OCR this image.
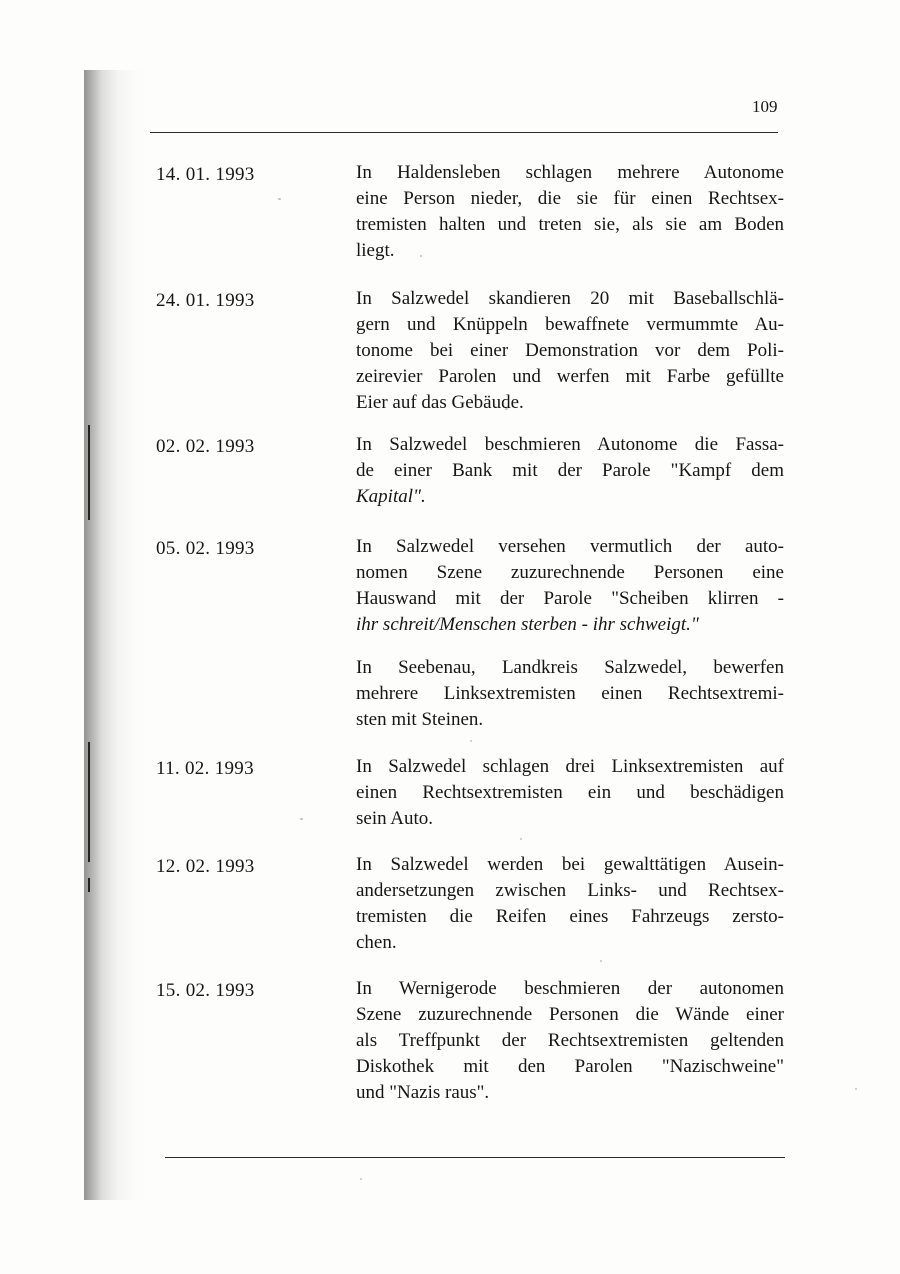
109
14. 01. 1993	In Haldensleben schlagen mehrere Autonome
eine Person nieder, die sie für einen Rechtsex-
tremisten halten und treten sie, als sie am Boden
liegt.
24. 01. 1993	In Salzwedel skandieren 20 mit Baseballschlä-
gern und Knüppeln bewaffnete vermummte Au-
tonome bei einer Demonstration vor dem Poli-
zeirevier Parolen und werfen mit Farbe gefüllte
Eier auf das Gebäude.
02. 02. 1993	In Salzwedel beschmieren Autonome die Fassa-
de einer Bank mit der Parole "Kampf dem
Kapital".
05. 02. 1993	In Salzwedel versehen vermutlich der auto-
nomen Szene zuzurechnende Personen eine
Hauswand mit der Parole "Scheiben klirren -
ihr schreit/Menschen sterben - ihr schweigt."
In Seebenau, Landkreis Salzwedel, bewerfen
mehrere Linksextremisten einen Rechtsextremi-
sten mit Steinen.
11. 02. 1993	In Salzwedel schlagen drei Linksextremisten auf
einen Rechtsextremisten ein und beschädigen
sein Auto.
12. 02. 1993	In Salzwedel werden bei gewalttätigen Ausein-
andersetzungen zwischen Links- und Rechtsex-
tremisten die Reifen eines Fahrzeugs zersto-
chen.
15. 02. 1993	In Wernigerode beschmieren der autonomen
Szene zuzurechnende Personen die Wände einer
als Treffpunkt der Rechtsextremisten geltenden
Diskothek mit den Parolen "Nazischweine"
und "Nazis raus".
